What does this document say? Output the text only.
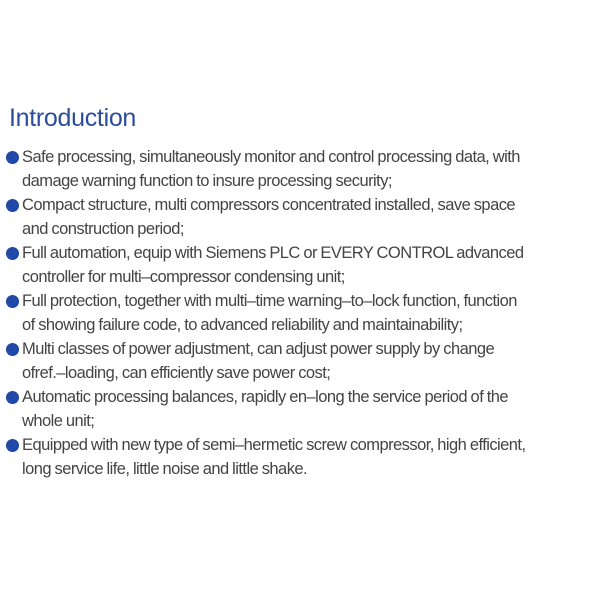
Introduction
Safe processing, simultaneously monitor and control processing data, with
damage warning function to insure processing security;
Compact structure, multi compressors concentrated installed, save space
and construction period;
Full automation, equip with Siemens PLC or EVERY CONTROL advanced
controller for multi–compressor condensing unit;
Full protection, together with multi–time warning–to–lock function, function
of showing failure code, to advanced reliability and maintainability;
Multi classes of power adjustment, can adjust power supply by change
ofref.–loading, can efficiently save power cost;
Automatic processing balances, rapidly en–long the service period of the
whole unit;
Equipped with new type of semi–hermetic screw compressor, high efficient,
long service life, little noise and little shake.
